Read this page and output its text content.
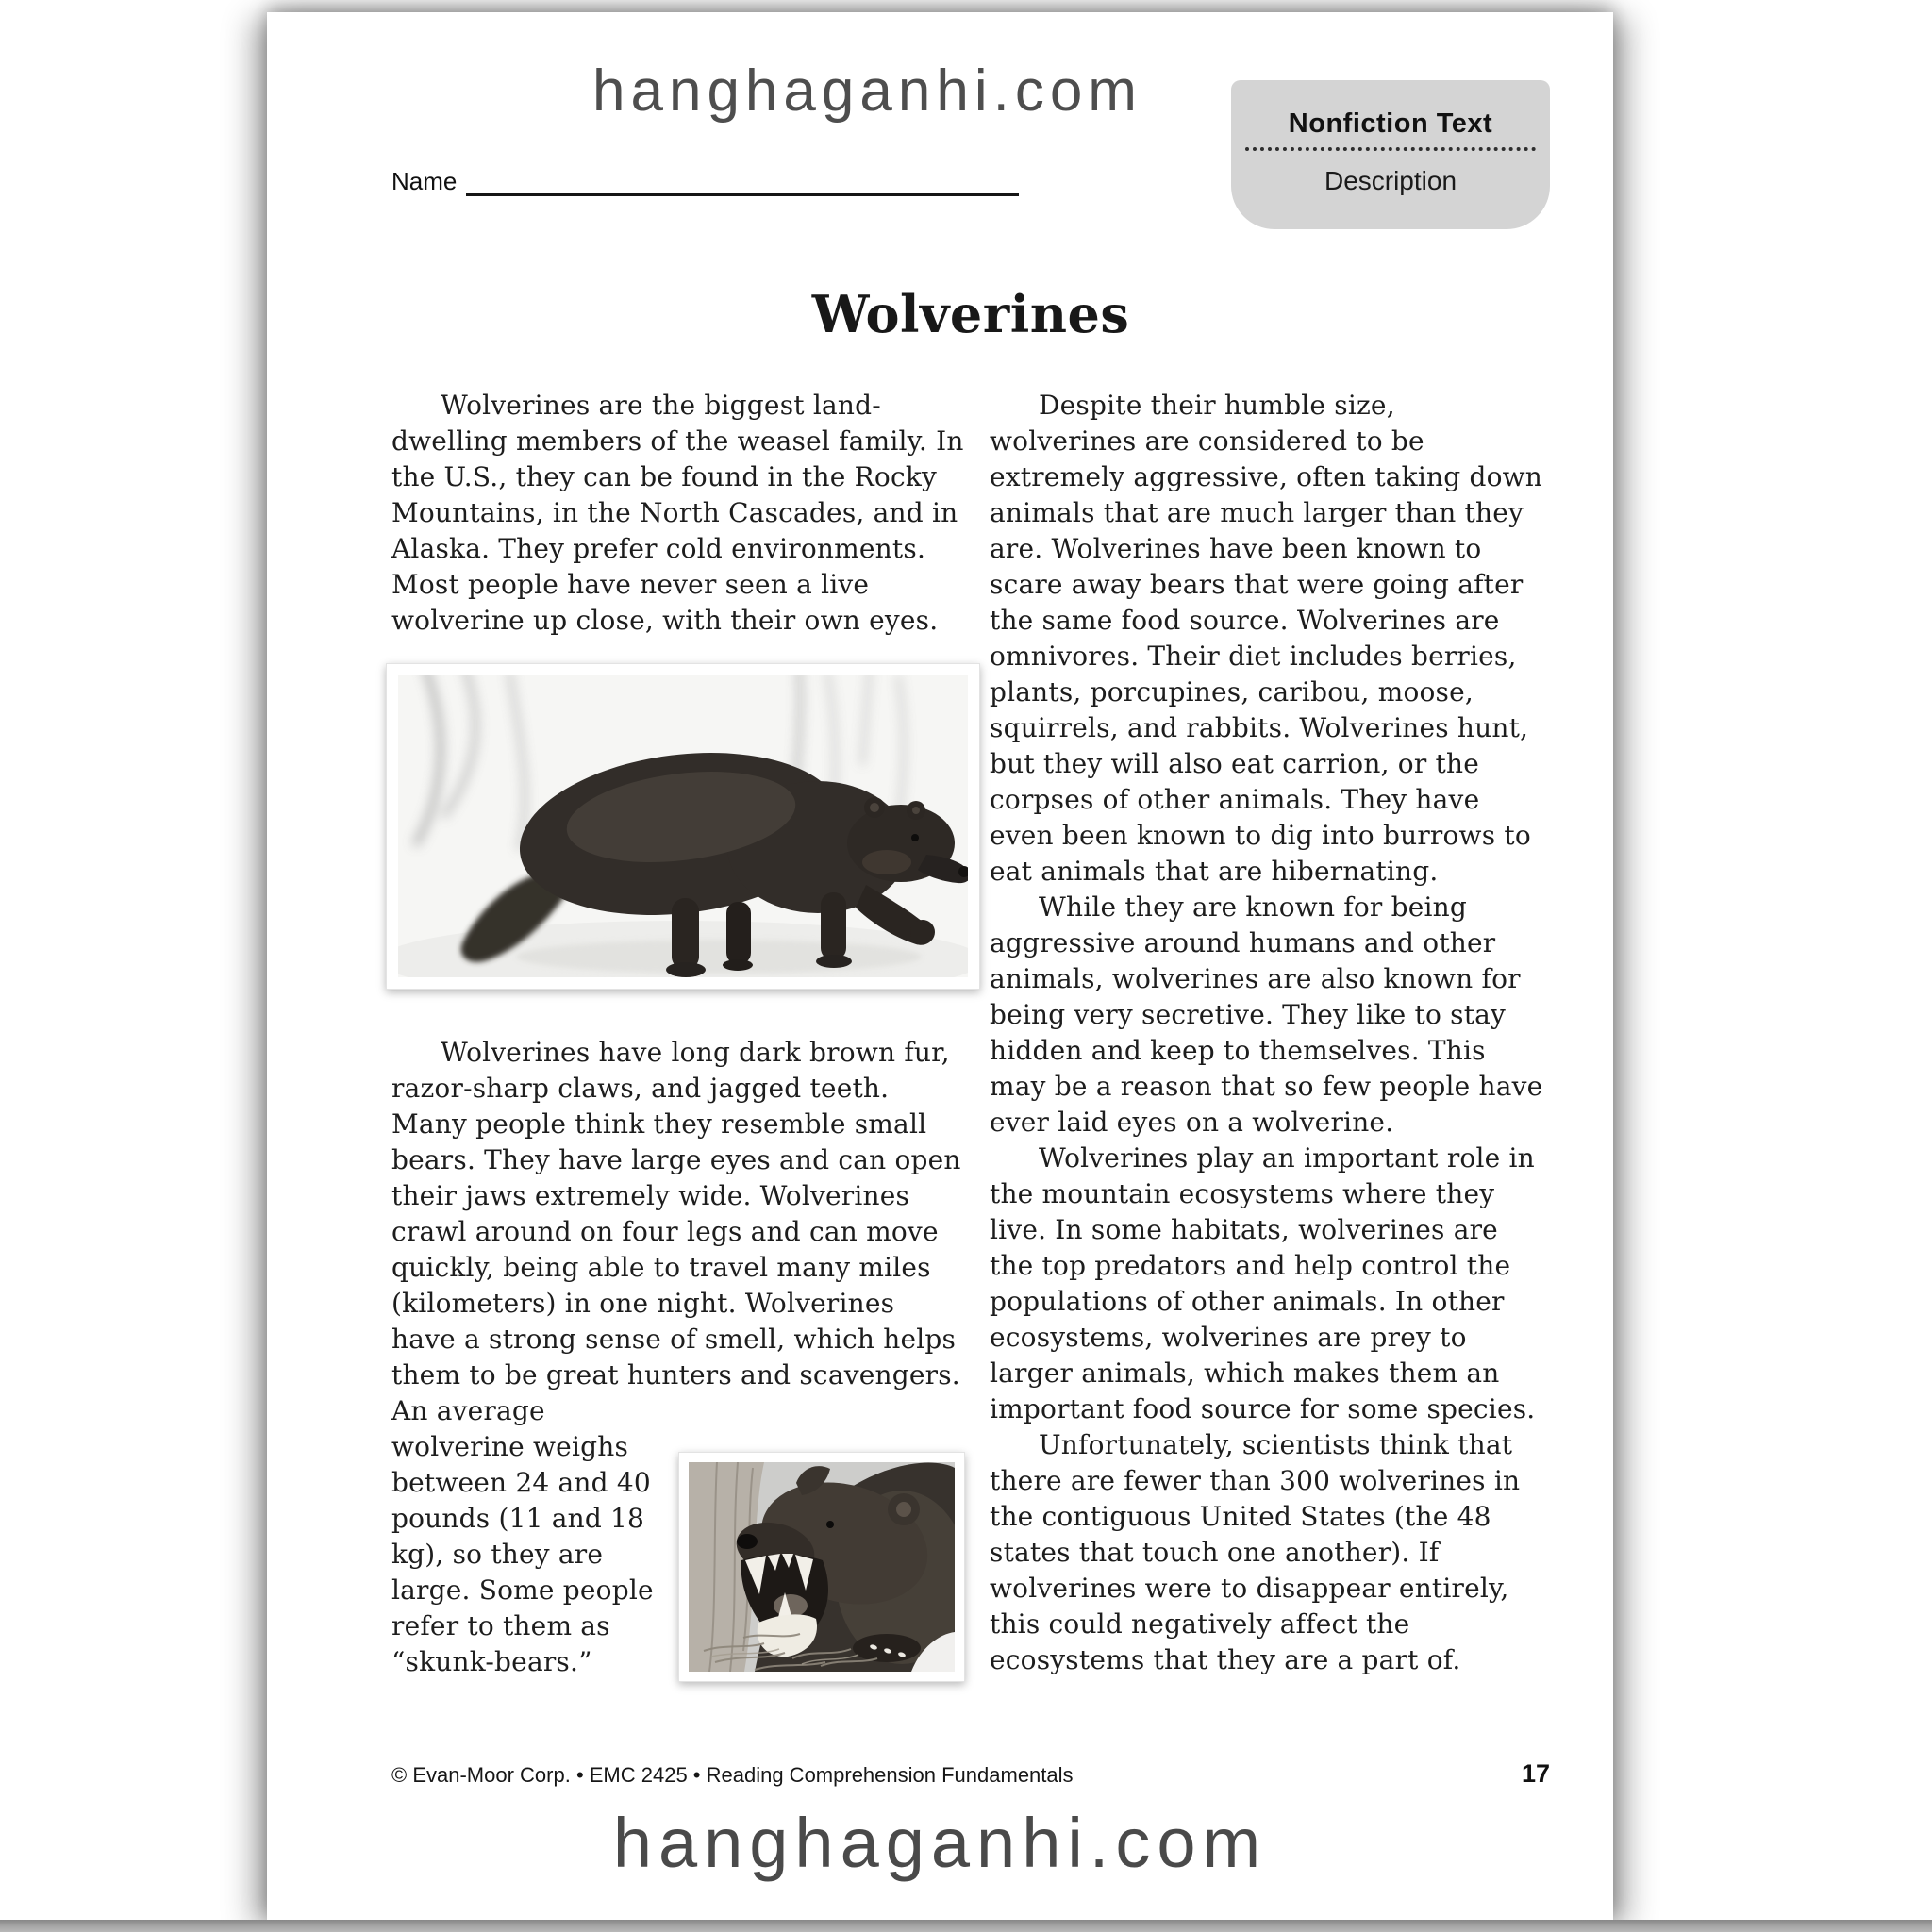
hanghaganhi.com	Nonfiction Text
Description
Name
Wolverines

Wolverines are the biggest land-dwelling members of the weasel family. In the U.S., they can be found in the Rocky Mountains, in the North Cascades, and in Alaska. They prefer cold environments. Most people have never seen a live wolverine up close, with their own eyes.

Wolverines have long dark brown fur, razor-sharp claws, and jagged teeth. Many people think they resemble small bears. They have large eyes and can open their jaws extremely wide. Wolverines crawl around on four legs and can move quickly, being able to travel many miles (kilometers) in one night. Wolverines have a strong sense of smell, which helps them to be great hunters and scavengers. An average

wolverine weighs between 24 and 40 pounds (11 and 18 kg), so they are large. Some people refer to them as “skunk-bears.”

Despite their humble size, wolverines are considered to be extremely aggressive, often taking down animals that are much larger than they are. Wolverines have been known to scare away bears that were going after the same food source. Wolverines are omnivores. Their diet includes berries, plants, porcupines, caribou, moose, squirrels, and rabbits. Wolverines hunt, but they will also eat carrion, or the corpses of other animals. They have even been known to dig into burrows to eat animals that are hibernating.

While they are known for being aggressive around humans and other animals, wolverines are also known for being very secretive. They like to stay hidden and keep to themselves. This may be a reason that so few people have ever laid eyes on a wolverine.

Wolverines play an important role in the mountain ecosystems where they live. In some habitats, wolverines are the top predators and help control the populations of other animals. In other ecosystems, wolverines are prey to larger animals, which makes them an important food source for some species.

Unfortunately, scientists think that there are fewer than 300 wolverines in the contiguous United States (the 48 states that touch one another). If wolverines were to disappear entirely, this could negatively affect the ecosystems that they are a part of.

© Evan-Moor Corp. • EMC 2425 • Reading Comprehension Fundamentals	17
hanghaganhi.com
